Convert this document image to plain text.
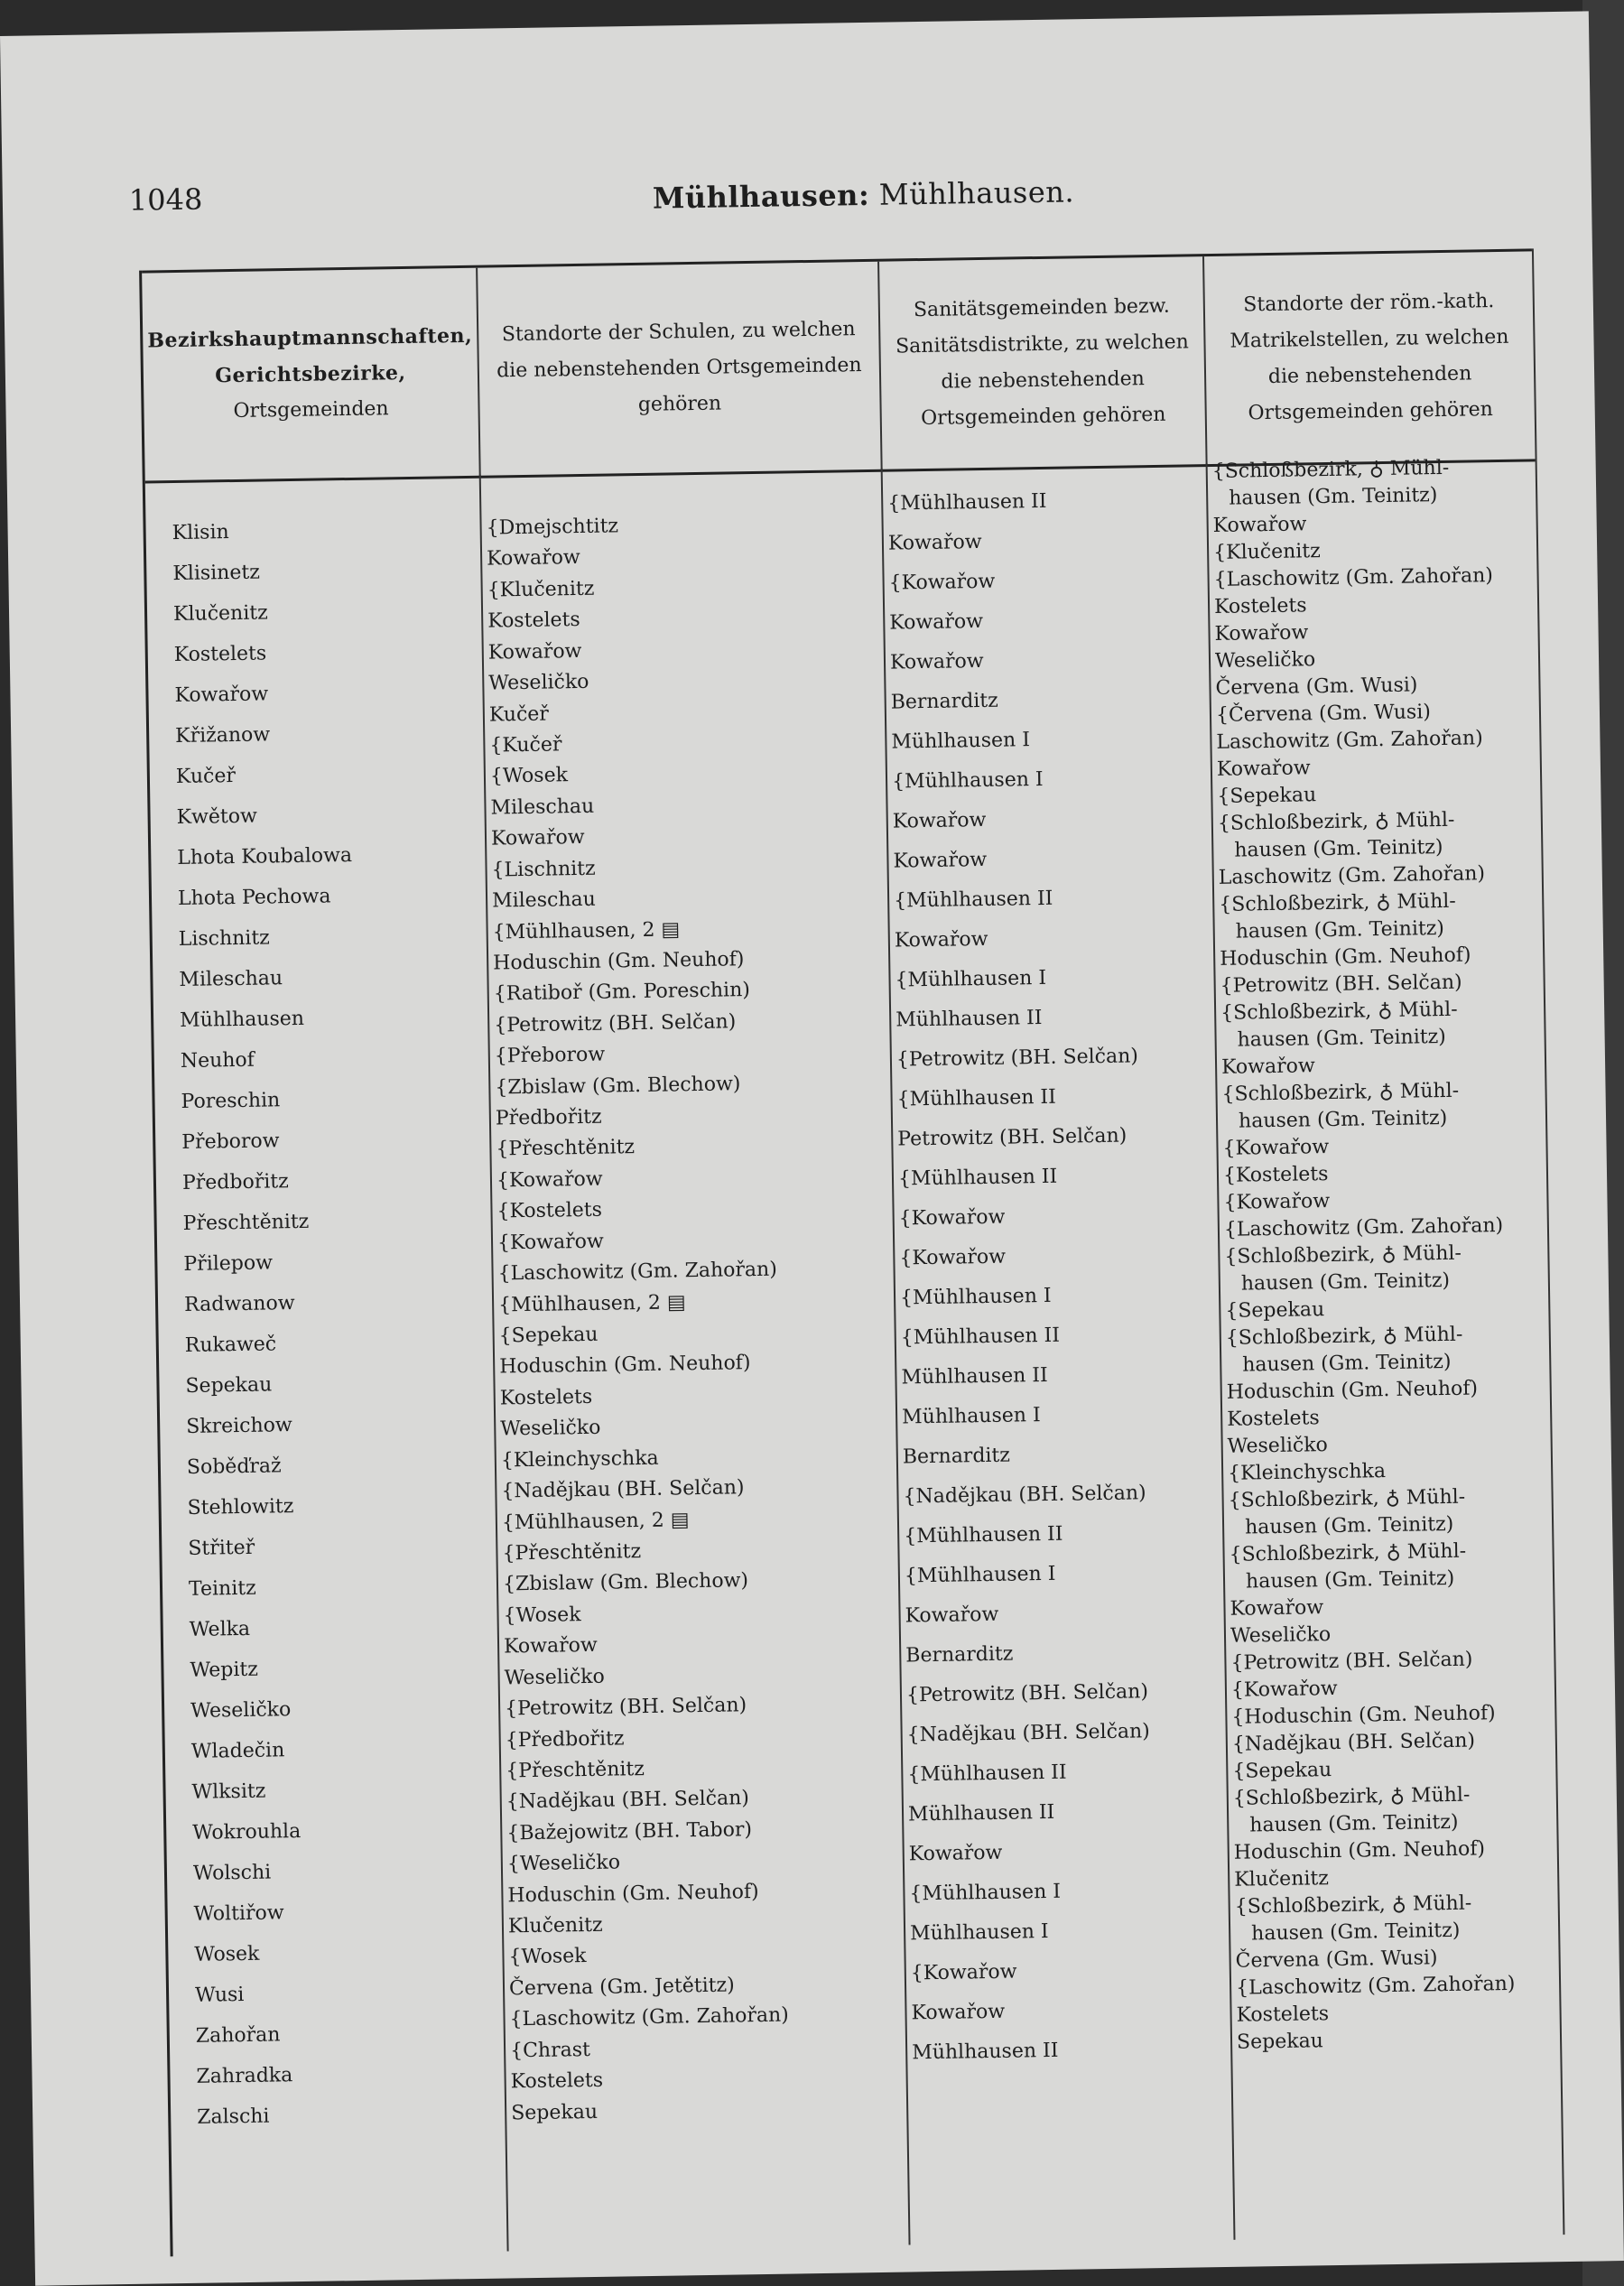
1048	Mühlhausen: Mühlhausen.
Bezirkshauptmannschaften,
Gerichtsbezirke,
Ortsgemeinden
Standorte der Schulen, zu welchen die nebenstehenden Ortsgemeinden gehören
Sanitätsgemeinden bezw. Sanitätsdistrikte, zu welchen die nebenstehenden Ortsgemeinden gehören
Standorte der röm.-kath. Matrikelstellen, zu welchen die nebenstehenden Ortsgemeinden gehören
Klisin
Klisinetz
Klučenitz
Kostelets
Kowařow
Křižanow
Kučeř
Kwětow
Lhota Koubalowa
Lhota Pechowa
Lischnitz
Mileschau
Mühlhausen
Neuhof
Poreschin
Přeborow
Předbořitz
Přeschtěnitz
Přilepow
Radwanow
Rukaweč
Sepekau
Skreichow
Soběďraž
Stehlowitz
Střiteř
Teinitz
Welka
Wepitz
Weseličko
Wladečin
Wlksitz
Wokrouhla
Wolschi
Woltiřow
Wosek
Wusi
Zahořan
Zahradka
Zalschi
{Dmejschtitz
Kowařow
{Klučenitz
Kostelets
Kowařow
Weseličko
Kučeř
{Kučeř
{Wosek
Mileschau
Kowařow
{Lischnitz
Mileschau
{Mühlhausen, 2 ▤
Hoduschin (Gm. Neuhof)
{Ratiboř (Gm. Poreschin)
{Petrowitz (BH. Selčan)
{Přeborow
{Zbislaw (Gm. Blechow)
Předbořitz
{Přeschtěnitz
{Kowařow
{Kostelets
{Kowařow
{Laschowitz (Gm. Zahořan)
{Mühlhausen, 2 ▤
{Sepekau
Hoduschin (Gm. Neuhof)
Kostelets
Weseličko
{Kleinchyschka
{Nadějkau (BH. Selčan)
{Mühlhausen, 2 ▤
{Přeschtěnitz
{Zbislaw (Gm. Blechow)
{Wosek
Kowařow
Weseličko
{Petrowitz (BH. Selčan)
{Předbořitz
{Přeschtěnitz
{Nadějkau (BH. Selčan)
{Bažejowitz (BH. Tabor)
{Weseličko
Hoduschin (Gm. Neuhof)
Klučenitz
{Wosek
Červena (Gm. Jetětitz)
{Laschowitz (Gm. Zahořan)
{Chrast
Kostelets
Sepekau
{Mühlhausen II
Kowařow
{Kowařow
Kowařow
Kowařow
Bernarditz
Mühlhausen I
{Mühlhausen I
Kowařow
Kowařow
{Mühlhausen II
Kowařow
{Mühlhausen I
Mühlhausen II
{Petrowitz (BH. Selčan)
{Mühlhausen II
Petrowitz (BH. Selčan)
{Mühlhausen II
{Kowařow
{Kowařow
{Mühlhausen I
{Mühlhausen II
Mühlhausen II
Mühlhausen I
Bernarditz
{Nadějkau (BH. Selčan)
{Mühlhausen II
{Mühlhausen I
Kowařow
Bernarditz
{Petrowitz (BH. Selčan)
{Nadějkau (BH. Selčan)
{Mühlhausen II
Mühlhausen II
Kowařow
{Mühlhausen I
Mühlhausen I
{Kowařow
Kowařow
Mühlhausen II
{Schloßbezirk, ♁ Mühl-
hausen (Gm. Teinitz)
Kowařow
{Klučenitz
{Laschowitz (Gm. Zahořan)
Kostelets
Kowařow
Weseličko
Červena (Gm. Wusi)
{Červena (Gm. Wusi)
Laschowitz (Gm. Zahořan)
Kowařow
{Sepekau
{Schloßbezirk, ♁ Mühl-
hausen (Gm. Teinitz)
Laschowitz (Gm. Zahořan)
{Schloßbezirk, ♁ Mühl-
hausen (Gm. Teinitz)
Hoduschin (Gm. Neuhof)
{Petrowitz (BH. Selčan)
{Schloßbezirk, ♁ Mühl-
hausen (Gm. Teinitz)
Kowařow
{Schloßbezirk, ♁ Mühl-
hausen (Gm. Teinitz)
{Kowařow
{Kostelets
{Kowařow
{Laschowitz (Gm. Zahořan)
{Schloßbezirk, ♁ Mühl-
hausen (Gm. Teinitz)
{Sepekau
{Schloßbezirk, ♁ Mühl-
hausen (Gm. Teinitz)
Hoduschin (Gm. Neuhof)
Kostelets
Weseličko
{Kleinchyschka
{Schloßbezirk, ♁ Mühl-
hausen (Gm. Teinitz)
{Schloßbezirk, ♁ Mühl-
hausen (Gm. Teinitz)
Kowařow
Weseličko
{Petrowitz (BH. Selčan)
{Kowařow
{Hoduschin (Gm. Neuhof)
{Nadějkau (BH. Selčan)
{Sepekau
{Schloßbezirk, ♁ Mühl-
hausen (Gm. Teinitz)
Hoduschin (Gm. Neuhof)
Klučenitz
{Schloßbezirk, ♁ Mühl-
hausen (Gm. Teinitz)
Červena (Gm. Wusi)
{Laschowitz (Gm. Zahořan)
Kostelets
Sepekau
